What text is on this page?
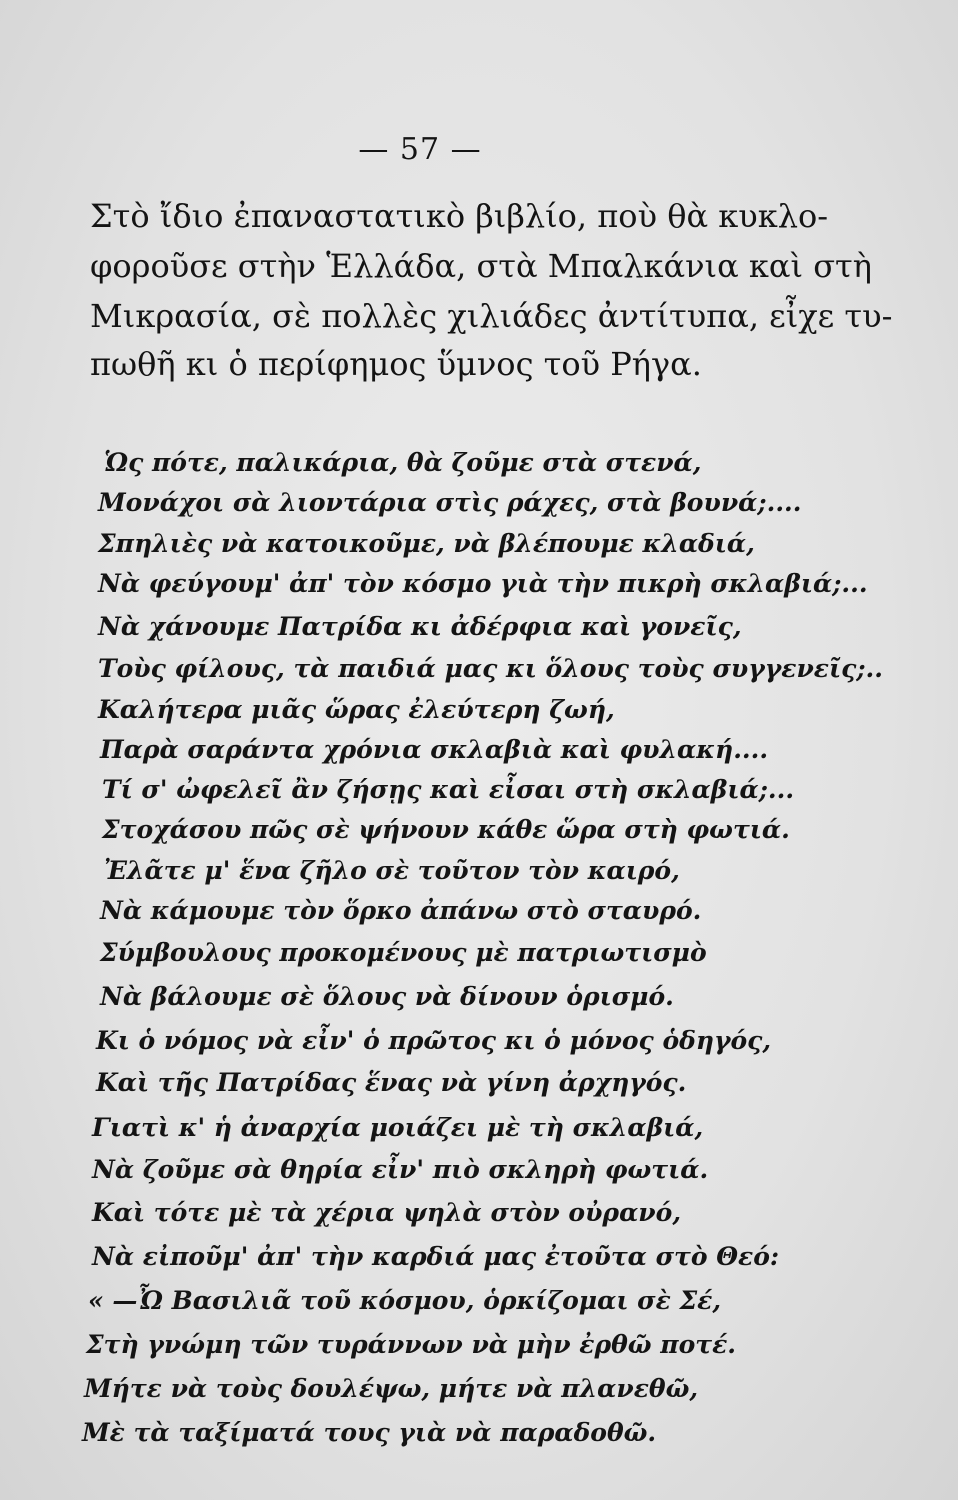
— 57 —
Στὸ ἴδιο ἐπαναστατικὸ βιβλίο, ποὺ θὰ κυκλο-
φοροῦσε στὴν Ἑλλάδα, στὰ Μπαλκάνια καὶ στὴ
Μικρασία, σὲ πολλὲς χιλιάδες ἀντίτυπα, εἶχε τυ-
πωθῆ κι ὁ περίφημος ὕμνος τοῦ Ρήγα.
Ὡς πότε, παλικάρια, θὰ ζοῦμε στὰ στενά,
Μονάχοι σὰ λιοντάρια στὶς ράχες, στὰ βουνά;....
Σπηλιὲς νὰ κατοικοῦμε, νὰ βλέπουμε κλαδιά,
Νὰ φεύγουμ' ἀπ' τὸν κόσμο γιὰ τὴν πικρὴ σκλαβιά;...
Νὰ χάνουμε Πατρίδα κι ἀδέρφια καὶ γονεῖς,
Τοὺς φίλους, τὰ παιδιά μας κι ὅλους τοὺς συγγενεῖς;..
Καλήτερα μιᾶς ὥρας ἐλεύτερη ζωή,
Παρὰ σαράντα χρόνια σκλαβιὰ καὶ φυλακή....
Τί σ' ὠφελεῖ ἂν ζήσῃς καὶ εἶσαι στὴ σκλαβιά;...
Στοχάσου πῶς σὲ ψήνουν κάθε ὥρα στὴ φωτιά.
Ἐλᾶτε μ' ἕνα ζῆλο σὲ τοῦτον τὸν καιρό,
Νὰ κάμουμε τὸν ὅρκο ἀπάνω στὸ σταυρό.
Σύμβουλους προκομένους μὲ πατριωτισμὸ
Νὰ βάλουμε σὲ ὅλους νὰ δίνουν ὁρισμό.
Κι ὁ νόμος νὰ εἶν' ὁ πρῶτος κι ὁ μόνος ὁδηγός,
Καὶ τῆς Πατρίδας ἕνας νὰ γίνη ἀρχηγός.
Γιατὶ κ' ἡ ἀναρχία μοιάζει μὲ τὴ σκλαβιά,
Νὰ ζοῦμε σὰ θηρία εἶν' πιὸ σκληρὴ φωτιά.
Καὶ τότε μὲ τὰ χέρια ψηλὰ στὸν οὐρανό,
Νὰ εἰποῦμ' ἀπ' τὴν καρδιά μας ἐτοῦτα στὸ Θεό:
« —Ὦ Βασιλιᾶ τοῦ κόσμου, ὁρκίζομαι σὲ Σέ,
Στὴ γνώμη τῶν τυράννων νὰ μὴν ἐρθῶ ποτέ.
Μήτε νὰ τοὺς δουλέψω, μήτε νὰ πλανεθῶ,
Μὲ τὰ ταξίματά τους γιὰ νὰ παραδοθῶ.
